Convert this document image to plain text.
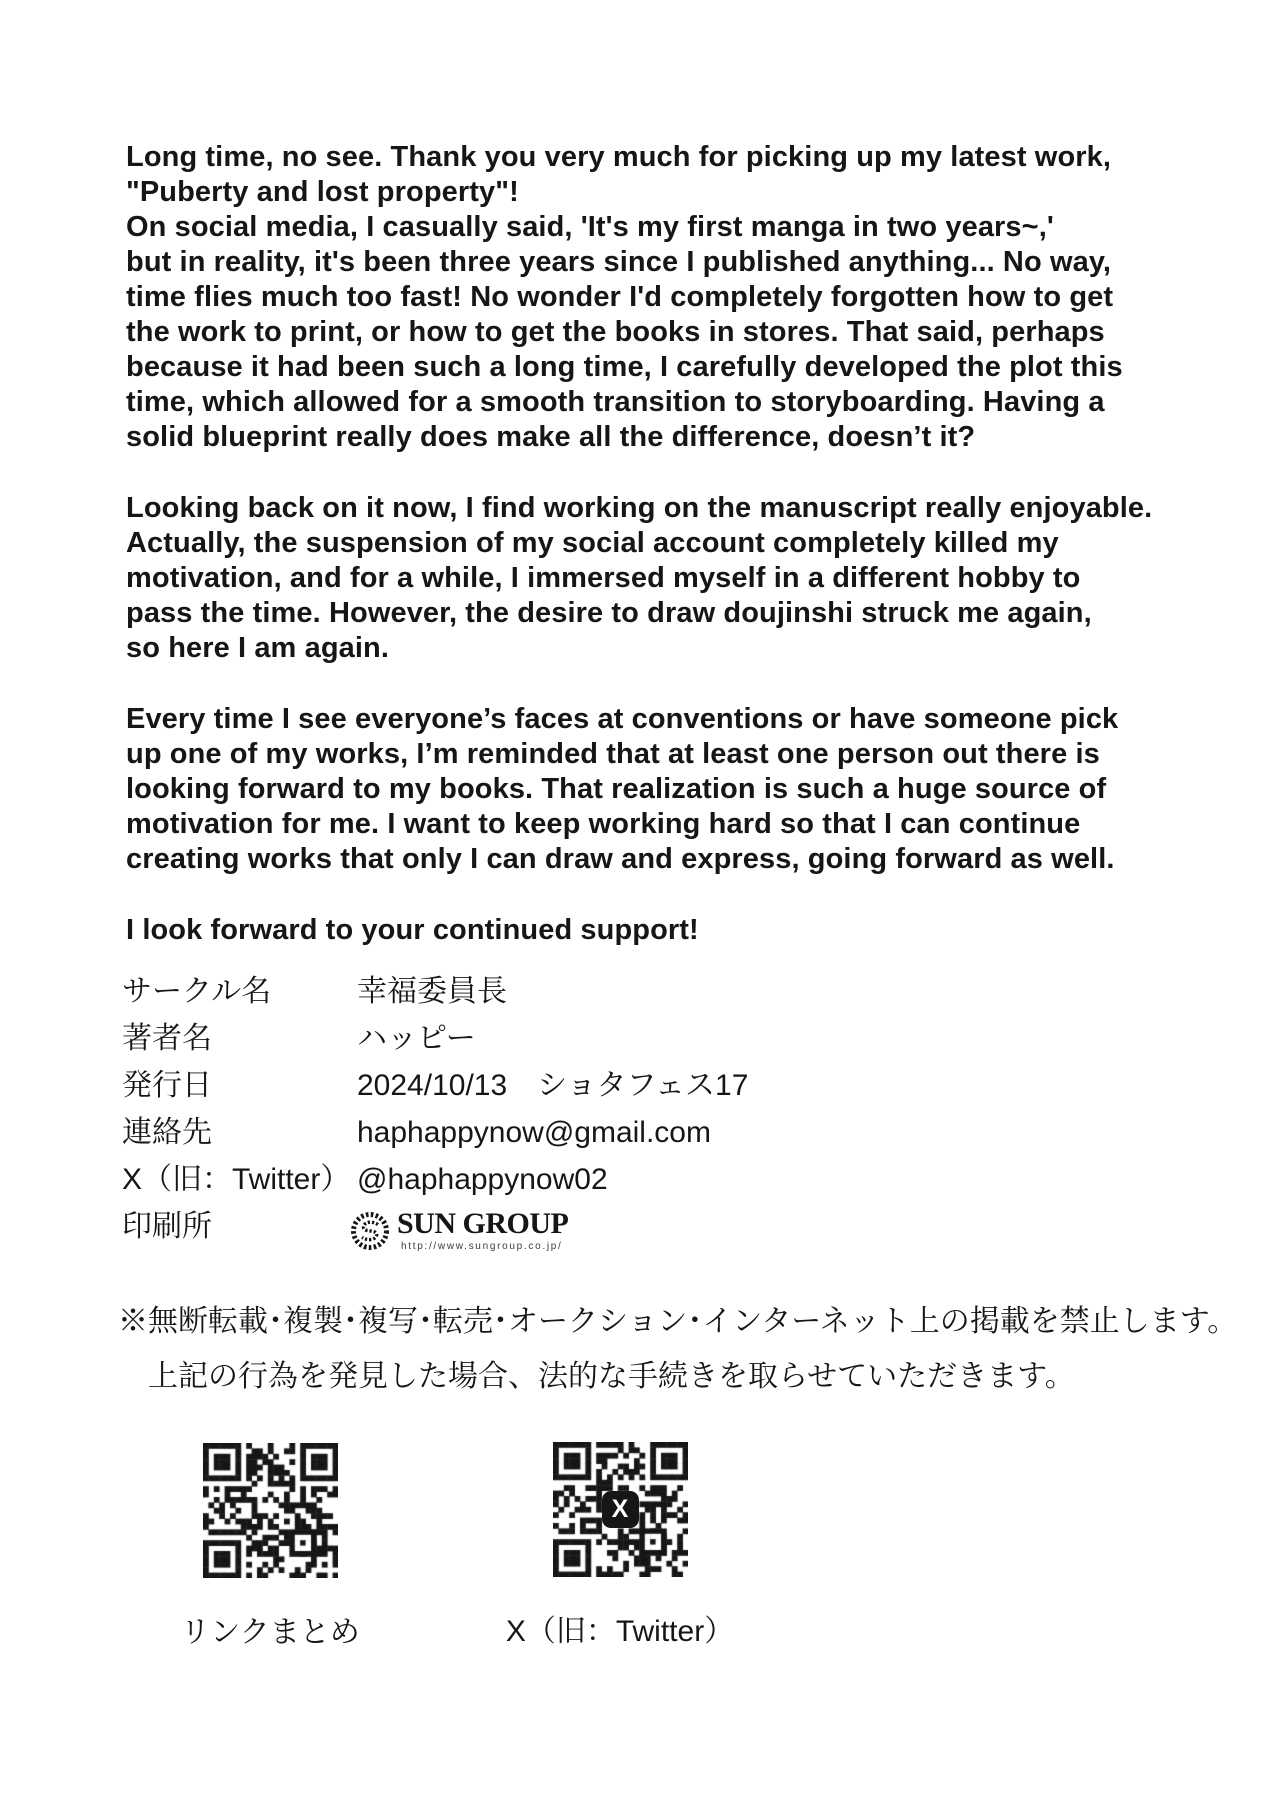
Long time, no see. Thank you very much for picking up my latest work,
"Puberty and lost property"!
On social media, I casually said, 'It's my first manga in two years~,'
but in reality, it's been three years since I published anything... No way,
time flies much too fast! No wonder I'd completely forgotten how to get
the work to print, or how to get the books in stores. That said, perhaps
because it had been such a long time, I carefully developed the plot this
time, which allowed for a smooth transition to storyboarding. Having a
solid blueprint really does make all the difference, doesn’t it?
Looking back on it now, I find working on the manuscript really enjoyable.
Actually, the suspension of my social account completely killed my
motivation, and for a while, I immersed myself in a different hobby to
pass the time. However, the desire to draw doujinshi struck me again,
so here I am again.
Every time I see everyone’s faces at conventions or have someone pick
up one of my works, I’m reminded that at least one person out there is
looking forward to my books. That realization is such a huge source of
motivation for me. I want to keep working hard so that I can continue
creating works that only I can draw and express, going forward as well.
I look forward to your continued support!
サークル名	幸福委員長
著者名	ハッピー
発行日	2024/10/13　ショタフェス17
連絡先	haphappynow@gmail.com
X（旧：Twitter） @haphappynow02
印刷所	SUN GROUP
http://www.sungroup.co.jp/
※無断転載･複製･複写･転売･オークション･インターネット上の掲載を禁止します。
上記の行為を発見した場合、法的な手続きを取らせていただきます。
リンクまとめ
X
X（旧：Twitter）
